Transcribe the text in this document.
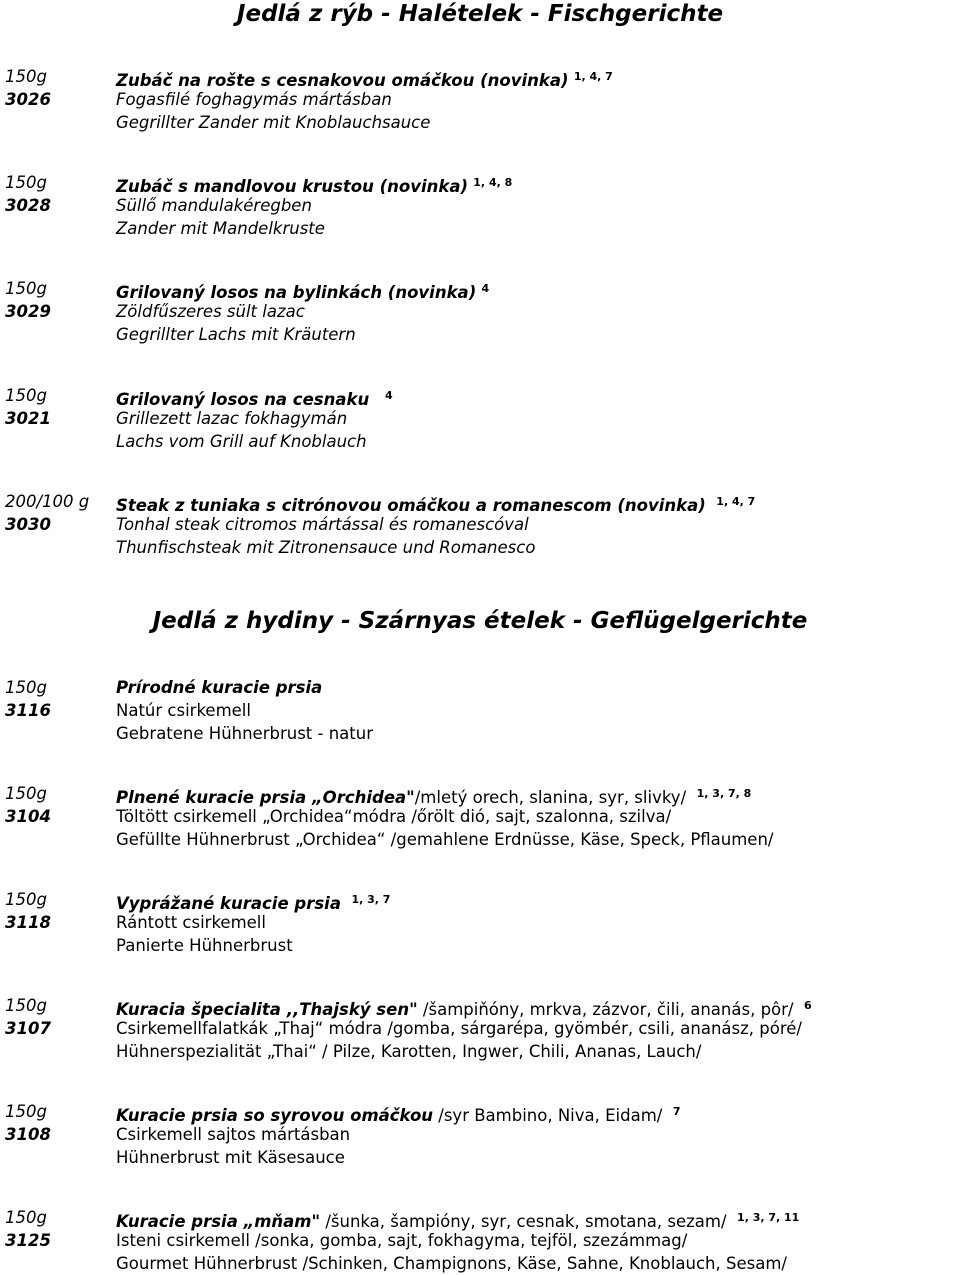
Jedlá z rýb - Halételek - Fischgerichte
150g	Zubáč na rošte s cesnakovou omáčkou (novinka) $^{1, 4, 7}$
3026	Fogasfilé foghagymás mártásban
Gegrillter Zander mit Knoblauchsauce
150g	Zubáč s mandlovou krustou (novinka) $^{1, 4, 8}$
3028	Süllő mandulakéregben
Zander mit Mandelkruste
150g	Grilovaný losos na bylinkách (novinka) $^4$
3029	Zöldfűszeres sült lazac
Gegrillter Lachs mit Kräutern
150g	Grilovaný losos na cesnaku $^4$
3021	Grillezett lazac fokhagymán
Lachs vom Grill auf Knoblauch
200/100 g Steak z tuniaka s citrónovou omáčkou a romanescom (novinka) $^{1, 4, 7}$
3030	Tonhal steak citromos mártással és romanescóval
Thunfischsteak mit Zitronensauce und Romanesco
Jedlá z hydiny - Szárnyas ételek - Geflügelgerichte
150g	Prírodné kuracie prsia
3116	Natúr csirkemell
Gebratene Hühnerbrust - natur
150g	Plnené kuracie prsia „Orchidea"/mletý orech, slanina, syr, slivky/ $^{1, 3, 7, 8}$
3104	Töltött csirkemell „Orchidea“módra /őrölt dió, sajt, szalonna, szilva/
Gefüllte Hühnerbrust „Orchidea“ /gemahlene Erdnüsse, Käse, Speck, Pflaumen/
150g	Vyprážané kuracie prsia $^{1, 3, 7}$
3118	Rántott csirkemell
Panierte Hühnerbrust
150g	Kuracia špecialita ,,Thajský sen" /šampiňóny, mrkva, zázvor, čili, ananás, pôr/ $^6$
3107	Csirkemellfalatkák „Thaj“ módra /gomba, sárgarépa, gyömbér, csili, ananász, póré/
Hühnerspezialität „Thai“ / Pilze, Karotten, Ingwer, Chili, Ananas, Lauch/
150g	Kuracie prsia so syrovou omáčkou /syr Bambino, Niva, Eidam/ $^7$
3108	Csirkemell sajtos mártásban
Hühnerbrust mit Käsesauce
150g	Kuracie prsia „mňam" /šunka, šampióny, syr, cesnak, smotana, sezam/ $^{1, 3, 7, 11}$
3125	Isteni csirkemell /sonka, gomba, sajt, fokhagyma, tejföl, szezámmag/
Gourmet Hühnerbrust /Schinken, Champignons, Käse, Sahne, Knoblauch, Sesam/
